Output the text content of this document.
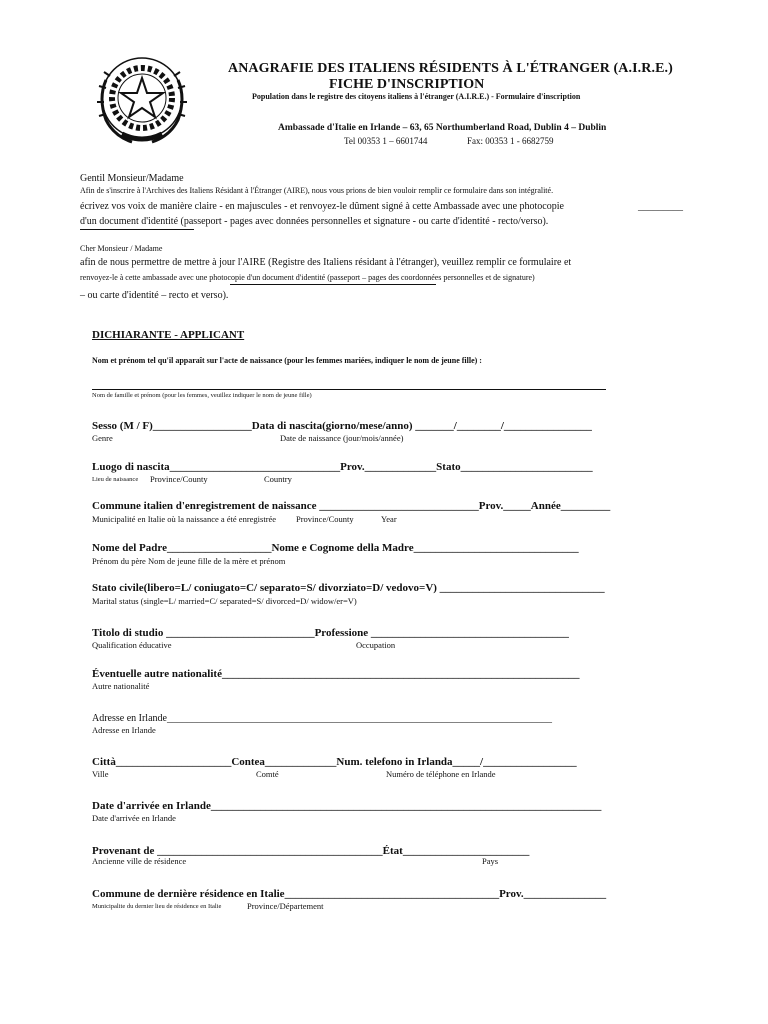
ANAGRAFIE DES ITALIENS RÉSIDENTS À L'ÉTRANGER (A.I.R.E.)
FICHE D'INSCRIPTION
Population dans le registre des citoyens italiens à l'étranger (A.I.R.E.) - Formulaire d'inscription
Ambassade d'Italie en Irlande – 63, 65 Northumberland Road, Dublin 4 – Dublin
Tel 00353 1 – 6601744	Fax: 00353 1 - 6682759
Gentil Monsieur/Madame
Afin de s'inscrire à l'Archives des Italiens Résidant à l'Étranger (AIRE), nous vous prions de bien vouloir remplir ce formulaire dans son intégralité.
écrivez vos voix de manière claire - en majuscules - et renvoyez-le dûment signé à cette Ambassade avec une photocopie	_________
d'un document d'identité (passeport - pages avec données personnelles et signature - ou carte d'identité - recto/verso).
Cher Monsieur / Madame
afin de nous permettre de mettre à jour l'AIRE (Registre des Italiens résidant à l'étranger), veuillez remplir ce formulaire et
renvoyez-le à cette ambassade avec une photocopie d'un document d'identité (passeport – pages des coordonnées personnelles et de signature)
– ou carte d'identité – recto et verso).
DICHIARANTE - APPLICANT
Nom et prénom tel qu'il apparaît sur l'acte de naissance (pour les femmes mariées, indiquer le nom de jeune fille) :
Nom de famille et prénom (pour les femmes, veuillez indiquer le nom de jeune fille)
Sesso (M / F)__________________Data di nascita(giorno/mese/anno) _______/________/________________
Genre	Date de naissance (jour/mois/année)
Luogo di nascita_______________________________Prov._____________Stato________________________
Lieu de naissance Province/County	Country
Commune italien d'enregistrement de naissance _____________________________Prov._____Année_________
Municipalité en Italie où la naissance a été enregistrée Province/County	Year
Nome del Padre___________________Nome e Cognome della Madre______________________________
Prénom du père Nom de jeune fille de la mère et prénom
Stato civile(libero=L/ coniugato=C/ separato=S/ divorziato=D/ vedovo=V) ______________________________
Marital status (single=L/ married=C/ separated=S/ divorced=D/ widow/er=V)
Titolo di studio ___________________________Professione ____________________________________
Qualification éducative	Occupation
Éventuelle autre nationalité_________________________________________________________________
Autre nationalité
Adresse en Irlande_____________________________________________________________________________
Adresse en Irlande
Città_____________________Contea_____________Num. telefono in Irlanda_____/_________________
Ville	Comté	Numéro de téléphone en Irlande
Date d'arrivée en Irlande_______________________________________________________________________
Date d'arrivée en Irlande
Provenant de _________________________________________État_______________________
Ancienne ville de résidence	Pays
Commune de dernière résidence en Italie_______________________________________Prov._______________
Municipalite du dernier lieu de résidence en Italie	Province/Département
